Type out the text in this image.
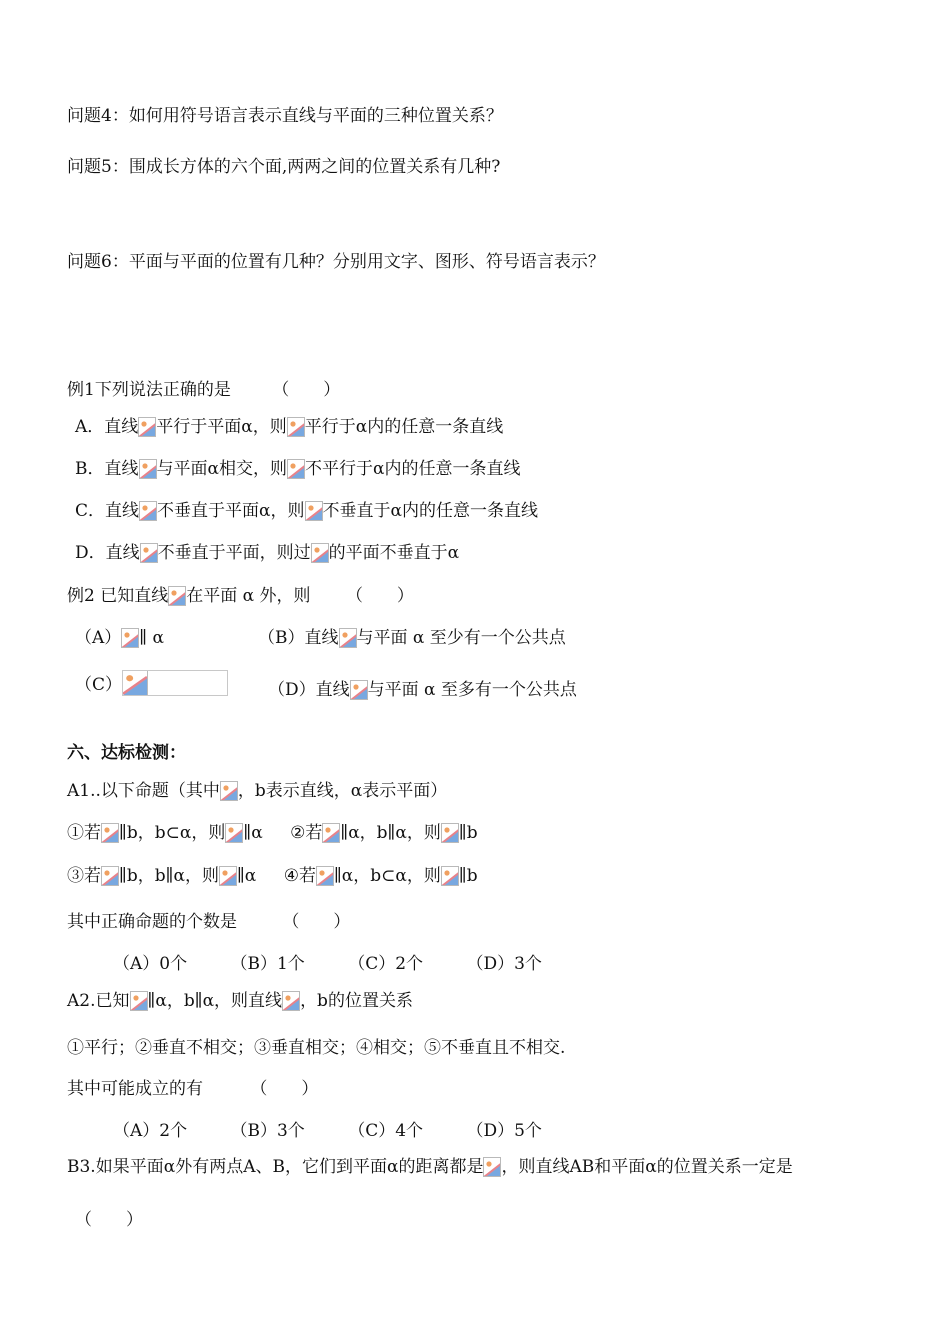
问题4：如何用符号语言表示直线与平面的三种位置关系？
问题5：围成长方体的六个面,两两之间的位置关系有几种?
问题6：平面与平面的位置有几种？分别用文字、图形、符号语言表示？
例1下列说法正确的是 （　　）
A．直线 平行于平面α，则 平行于α内的任意一条直线
B．直线 与平面α相交，则 不平行于α内的任意一条直线
C．直线 不垂直于平面α，则 不垂直于α内的任意一条直线
D．直线 不垂直于平面，则过 的平面不垂直于α
例2 已知直线 在平面 α 外，则 （　　）
（A） ∥ α	（B）直线 与平面 α 至少有一个公共点
（C）	（D）直线 与平面 α 至多有一个公共点
六、达标检测：
A1..以下命题（其中 ，b表示直线，α表示平面）
①若 ∥b，b⊂α，则 ∥α ②若 ∥α，b∥α，则 ∥b
③若 ∥b，b∥α，则 ∥α ④若 ∥α，b⊂α，则 ∥b
其中正确命题的个数是	（　　）
（A）0个	（B）1个	（C）2个	（D）3个
A2.已知 ∥α，b∥α，则直线 ，b的位置关系
①平行；②垂直不相交；③垂直相交；④相交；⑤不垂直且不相交.
其中可能成立的有	（　　）
（A）2个	（B）3个	（C）4个	（D）5个
B3.如果平面α外有两点A、B，它们到平面α的距离都是 ，则直线AB和平面α的位置关系一定是
（　　）
